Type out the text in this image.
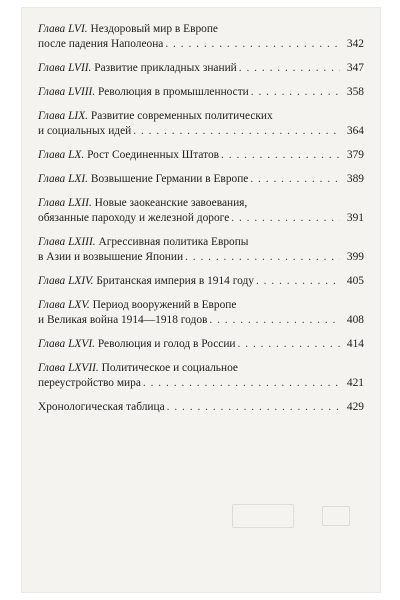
Глава LVI.
Нездоровый мир в Европе
после падения Наполеона . . .	342
Глава LVII.
Развитие прикладных знаний . . .	347
Глава LVIII.
Революция в промышленности . . .	358
Глава LIX.
Развитие современных политических
и социальных идей . . .	364
Глава LX.
Рост Соединенных Штатов . . .	379
Глава LXI.
Возвышение Германии в Европе . . .	389
Глава LXII.
Новые заокеанские завоевания,
обязанные пароходу и железной дороге . . .	391
Глава LXIII.
Агрессивная политика Европы
в Азии и возвышение Японии . . .	399
Глава LXIV.
Британская империя в 1914 году . . .	405
Глава LXV.
Период вооружений в Европе
и Великая война 1914—1918 годов . . .	408
Глава LXVI.
Революция и голод в России . . .	414
Глава LXVII.
Политическое и социальное
переустройство мира . . .	421
Хронологическая таблица . . .	429
